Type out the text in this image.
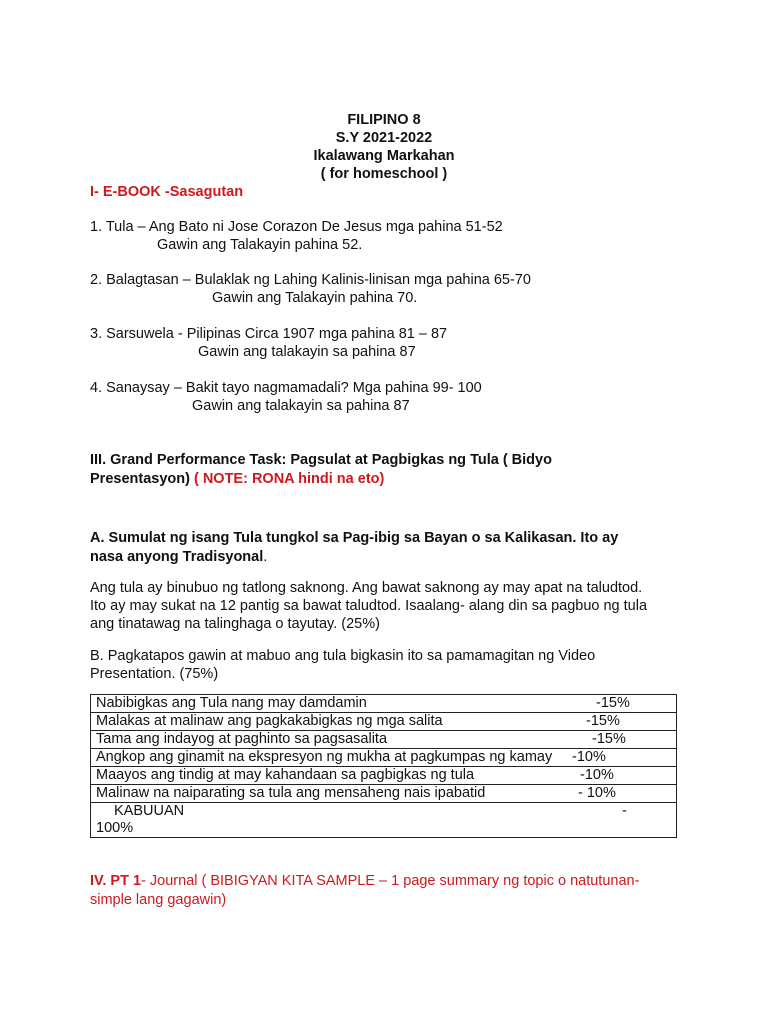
FILIPINO 8
S.Y 2021-2022
Ikalawang Markahan
( for homeschool )
I- E-BOOK -Sasagutan
1. Tula – Ang Bato ni Jose Corazon De Jesus mga pahina 51-52
Gawin ang Talakayin pahina 52.
2. Balagtasan – Bulaklak ng Lahing Kalinis-linisan mga pahina 65-70
Gawin ang Talakayin pahina 70.
3. Sarsuwela - Pilipinas Circa 1907 mga pahina 81 – 87
Gawin ang talakayin sa pahina 87
4. Sanaysay – Bakit tayo nagmamadali? Mga pahina 99- 100
Gawin ang talakayin sa pahina 87
III. Grand Performance Task: Pagsulat at Pagbigkas ng Tula ( Bidyo
Presentasyon) ( NOTE: RONA hindi na eto)
A. Sumulat ng isang Tula tungkol sa Pag-ibig sa Bayan o sa Kalikasan. Ito ay
nasa anyong Tradisyonal.
Ang tula ay binubuo ng tatlong saknong. Ang bawat saknong ay may apat na taludtod.
Ito ay may sukat na 12 pantig sa bawat taludtod. Isaalang- alang din sa pagbuo ng tula
ang tinatawag na talinghaga o tayutay. (25%)
B. Pagkatapos gawin at mabuo ang tula bigkasin ito sa pamamagitan ng Video
Presentation. (75%)
Nabibigkas ang Tula nang may damdamin	-15%

Malakas at malinaw ang pagkakabigkas ng mga salita	-15%

Tama ang indayog at paghinto sa pagsasalita	-15%

Angkop ang ginamit na ekspresyon ng mukha at pagkumpas ng kamay -10%

Maayos ang tindig at may kahandaan sa pagbigkas ng tula	-10%

Malinaw na naiparating sa tula ang mensaheng nais ipabatid	- 10%

KABUUAN	-
100%
IV. PT 1- Journal ( BIBIGYAN KITA SAMPLE – 1 page summary ng topic o natutunan-
simple lang gagawin)
